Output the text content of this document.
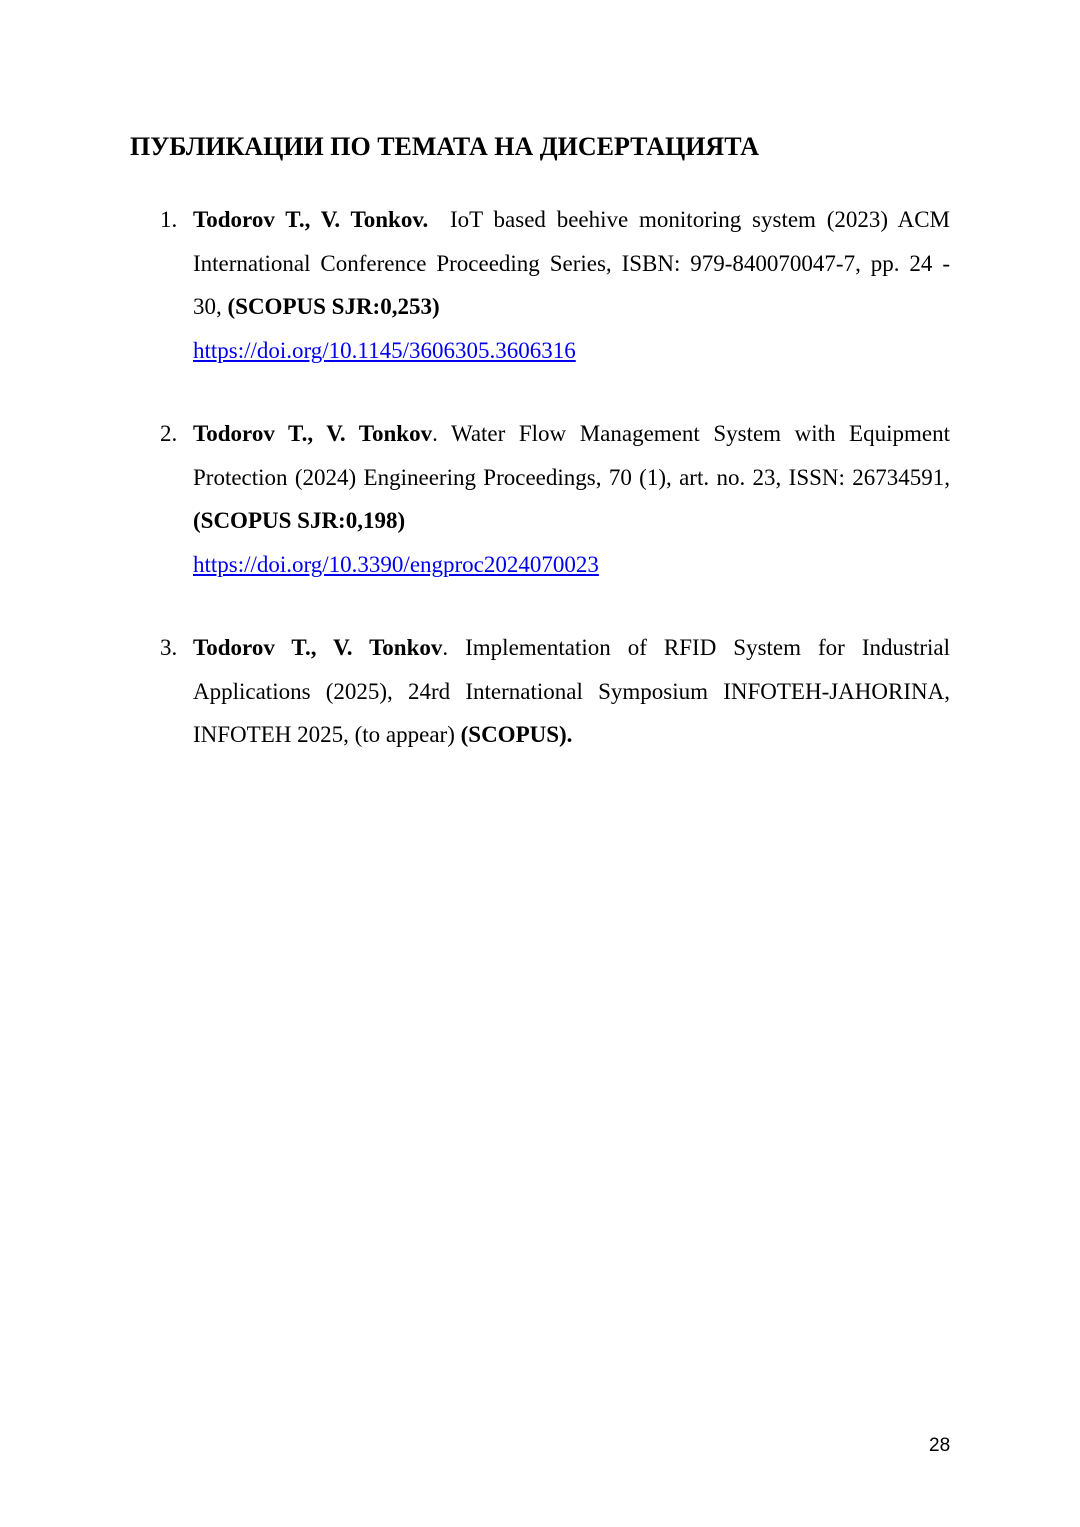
ПУБЛИКАЦИИ ПО ТЕМАТА НА ДИСЕРТАЦИЯТА
1. Todorov T., V. Tonkov. IoT based beehive monitoring system (2023) ACM International Conference Proceeding Series, ISBN: 979-840070047-7, pp. 24 - 30, (SCOPUS SJR:0,253)
https://doi.org/10.1145/3606305.3606316
2. Todorov T., V. Tonkov. Water Flow Management System with Equipment Protection (2024) Engineering Proceedings, 70 (1), art. no. 23, ISSN: 26734591, (SCOPUS SJR:0,198)
https://doi.org/10.3390/engproc2024070023
3. Todorov T., V. Tonkov. Implementation of RFID System for Industrial Applications (2025), 24rd International Symposium INFOTEH-JAHORINA, INFOTEH 2025, (to appear) (SCOPUS).
28
